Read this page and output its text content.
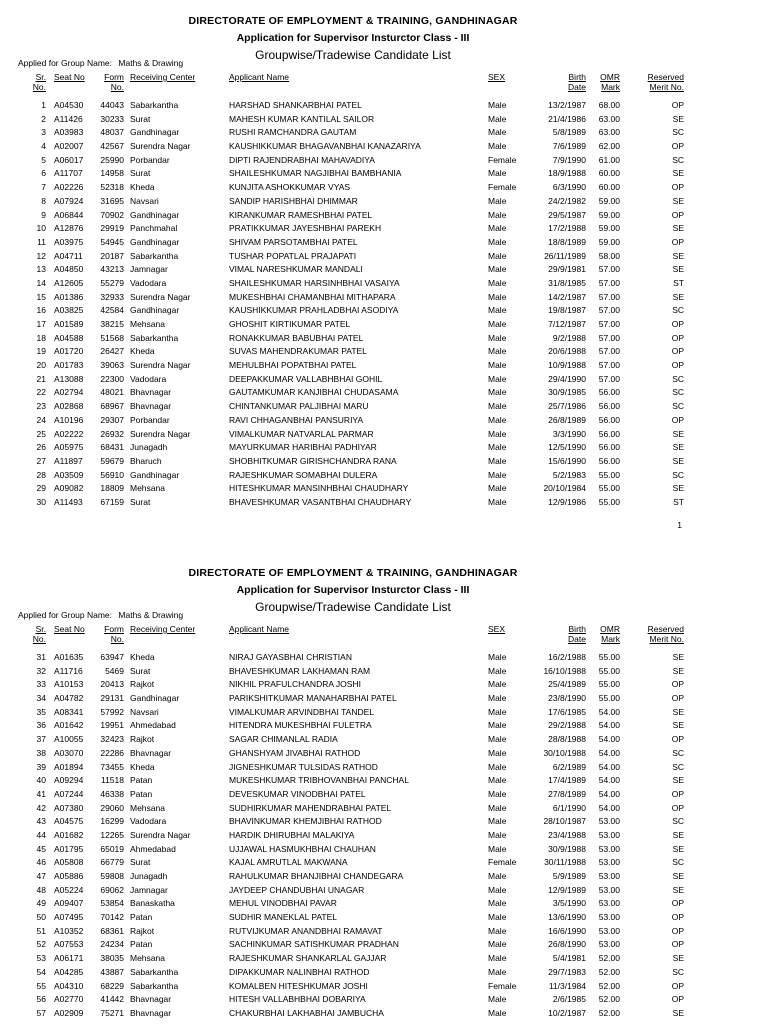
DIRECTORATE OF EMPLOYMENT & TRAINING, GANDHINAGAR
Application for Supervisor Insturctor Class - III
Groupwise/Tradewise Candidate List
Applied for Group Name: Maths & Drawing
Sr.
No.
Seat No	Form
No.
Receiving Center	Applicant Name	SEX	Birth
Date
OMR
Mark
Reserved
Merit No.
1 A04530	44043 Sabarkantha	HARSHAD SHANKARBHAI PATEL	Male	13/2/1987	68.00	OP
2 A11426	30233 Surat	MAHESH KUMAR KANTILAL SAILOR	Male	21/4/1986	63.00	SE
3 A03983	48037 Gandhinagar	RUSHI RAMCHANDRA GAUTAM	Male	5/8/1989	63.00	SC
4 A02007	42567 Surendra Nagar	KAUSHIKKUMAR BHAGAVANBHAI KANAZARIYA	Male	7/6/1989	62.00	OP
5 A06017	25990 Porbandar	DIPTI RAJENDRABHAI MAHAVADIYA	Female	7/9/1990	61.00	SC
6 A11707	14958 Surat	SHAILESHKUMAR NAGJIBHAI BAMBHANIA	Male	18/9/1988	60.00	SE
7 A02226	52318 Kheda	KUNJITA ASHOKKUMAR VYAS	Female	6/3/1990	60.00	OP
8 A07924	31695 Navsari	SANDIP HARISHBHAI DHIMMAR	Male	24/2/1982	59.00	SE
9 A06844	70902 Gandhinagar	KIRANKUMAR RAMESHBHAI PATEL	Male	29/5/1987	59.00	OP
10 A12876	29919 Panchmahal	PRATIKKUMAR JAYESHBHAI PAREKH	Male	17/2/1988	59.00	SE
11 A03975	54945 Gandhinagar	SHIVAM PARSOTAMBHAI PATEL	Male	18/8/1989	59.00	OP
12 A04711	20187 Sabarkantha	TUSHAR POPATLAL PRAJAPATI	Male	26/11/1989	58.00	SE
13 A04850	43213 Jamnagar	VIMAL NARESHKUMAR MANDALI	Male	29/9/1981	57.00	SE
14 A12605	55279 Vadodara	SHAILESHKUMAR HARSINHBHAI VASAIYA	Male	31/8/1985	57.00	ST
15 A01386	32933 Surendra Nagar	MUKESHBHAI CHAMANBHAI MITHAPARA	Male	14/2/1987	57.00	SE
16 A03825	42584 Gandhinagar	KAUSHIKKUMAR PRAHLADBHAI ASODIYA	Male	19/8/1987	57.00	SC
17 A01589	38215 Mehsana	GHOSHIT KIRTIKUMAR PATEL	Male	7/12/1987	57.00	OP
18 A04588	51568 Sabarkantha	RONAKKUMAR BABUBHAI PATEL	Male	9/2/1988	57.00	OP
19 A01720	26427 Kheda	SUVAS MAHENDRAKUMAR PATEL	Male	20/6/1988	57.00	OP
20 A01783	39063 Surendra Nagar	MEHULBHAI POPATBHAI PATEL	Male	10/9/1988	57.00	OP
21 A13088	22300 Vadodara	DEEPAKKUMAR VALLABHBHAI GOHIL	Male	29/4/1990	57.00	SC
22 A02794	48021 Bhavnagar	GAUTAMKUMAR KANJIBHAI CHUDASAMA	Male	30/9/1985	56.00	SC
23 A02868	68967 Bhavnagar	CHINTANKUMAR PALJIBHAI MARU	Male	25/7/1986	56.00	SC
24 A10196	29307 Porbandar	RAVI CHHAGANBHAI PANSURIYA	Male	26/8/1989	56.00	OP
25 A02222	26932 Surendra Nagar	VIMALKUMAR NATVARLAL PARMAR	Male	3/3/1990	56.00	SE
26 A05975	68431 Junagadh	MAYURKUMAR HARIBHAI PADHIYAR	Male	12/5/1990	56.00	SE
27 A11897	59679 Bharuch	SHOBHITKUMAR GIRISHCHANDRA RANA	Male	15/6/1990	56.00	SE
28 A03509	56910 Gandhinagar	RAJESHKUMAR SOMABHAI DULERA	Male	5/2/1983	55.00	SC
29 A09082	18809 Mehsana	HITESHKUMAR MANSINHBHAI CHAUDHARY	Male	20/10/1984	55.00	SE
30 A11493	67159 Surat	BHAVESHKUMAR VASANTBHAI CHAUDHARY	Male	12/9/1986	55.00	ST
1
DIRECTORATE OF EMPLOYMENT & TRAINING, GANDHINAGAR
Application for Supervisor Insturctor Class - III
Groupwise/Tradewise Candidate List
Applied for Group Name: Maths & Drawing
Sr.
No.
Seat No	Form
No.
Receiving Center	Applicant Name	SEX	Birth
Date
OMR
Mark
Reserved
Merit No.
31 A01635	63947 Kheda	NIRAJ GAYASBHAI CHRISTIAN	Male	16/2/1988	55.00	SE
32 A11716	5469 Surat	BHAVESHKUMAR LAKHAMAN RAM	Male	16/10/1988	55.00	SE
33 A10153	20413 Rajkot	NIKHIL PRAFULCHANDRA JOSHI	Male	25/4/1989	55.00	OP
34 A04782	29131 Gandhinagar	PARIKSHITKUMAR MANAHARBHAI PATEL	Male	23/8/1990	55.00	OP
35 A08341	57992 Navsari	VIMALKUMAR ARVINDBHAI TANDEL	Male	17/6/1985	54.00	SE
36 A01642	19951 Ahmedabad	HITENDRA MUKESHBHAI FULETRA	Male	29/2/1988	54.00	SE
37 A10055	32423 Rajkot	SAGAR CHIMANLAL RADIA	Male	28/8/1988	54.00	OP
38 A03070	22286 Bhavnagar	GHANSHYAM JIVABHAI RATHOD	Male	30/10/1988	54.00	SC
39 A01894	73455 Kheda	JIGNESHKUMAR TULSIDAS RATHOD	Male	6/2/1989	54.00	SC
40 A09294	11518 Patan	MUKESHKUMAR TRIBHOVANBHAI PANCHAL	Male	17/4/1989	54.00	SE
41 A07244	46338 Patan	DEVESKUMAR VINODBHAI PATEL	Male	27/8/1989	54.00	OP
42 A07380	29060 Mehsana	SUDHIRKUMAR MAHENDRABHAI PATEL	Male	6/1/1990	54.00	OP
43 A04575	16299 Vadodara	BHAVINKUMAR KHEMJIBHAI RATHOD	Male	28/10/1987	53.00	SC
44 A01682	12265 Surendra Nagar	HARDIK DHIRUBHAI MALAKIYA	Male	23/4/1988	53.00	SE
45 A01795	65019 Ahmedabad	UJJAWAL HASMUKHBHAI CHAUHAN	Male	30/9/1988	53.00	SE
46 A05808	66779 Surat	KAJAL AMRUTLAL MAKWANA	Female	30/11/1988	53.00	SC
47 A05886	59808 Junagadh	RAHULKUMAR BHANJIBHAI CHANDEGARA	Male	5/9/1989	53.00	SE
48 A05224	69062 Jamnagar	JAYDEEP CHANDUBHAI UNAGAR	Male	12/9/1989	53.00	SE
49 A09407	53854 Banaskatha	MEHUL VINODBHAI PAVAR	Male	3/5/1990	53.00	OP
50 A07495	70142 Patan	SUDHIR MANEKLAL PATEL	Male	13/6/1990	53.00	OP
51 A10352	68361 Rajkot	RUTVIJKUMAR ANANDBHAI RAMAVAT	Male	16/6/1990	53.00	OP
52 A07553	24234 Patan	SACHINKUMAR SATISHKUMAR PRADHAN	Male	26/8/1990	53.00	OP
53 A06171	38035 Mehsana	RAJESHKUMAR SHANKARLAL GAJJAR	Male	5/4/1981	52.00	SE
54 A04285	43887 Sabarkantha	DIPAKKUMAR NALINBHAI RATHOD	Male	29/7/1983	52.00	SC
55 A04310	68229 Sabarkantha	KOMALBEN HITESHKUMAR JOSHI	Female	11/3/1984	52.00	OP
56 A02770	41442 Bhavnagar	HITESH VALLABHBHAI DOBARIYA	Male	2/6/1985	52.00	OP
57 A02909	75271 Bhavnagar	CHAKURBHAI LAKHABHAI JAMBUCHA	Male	10/2/1987	52.00	SE
